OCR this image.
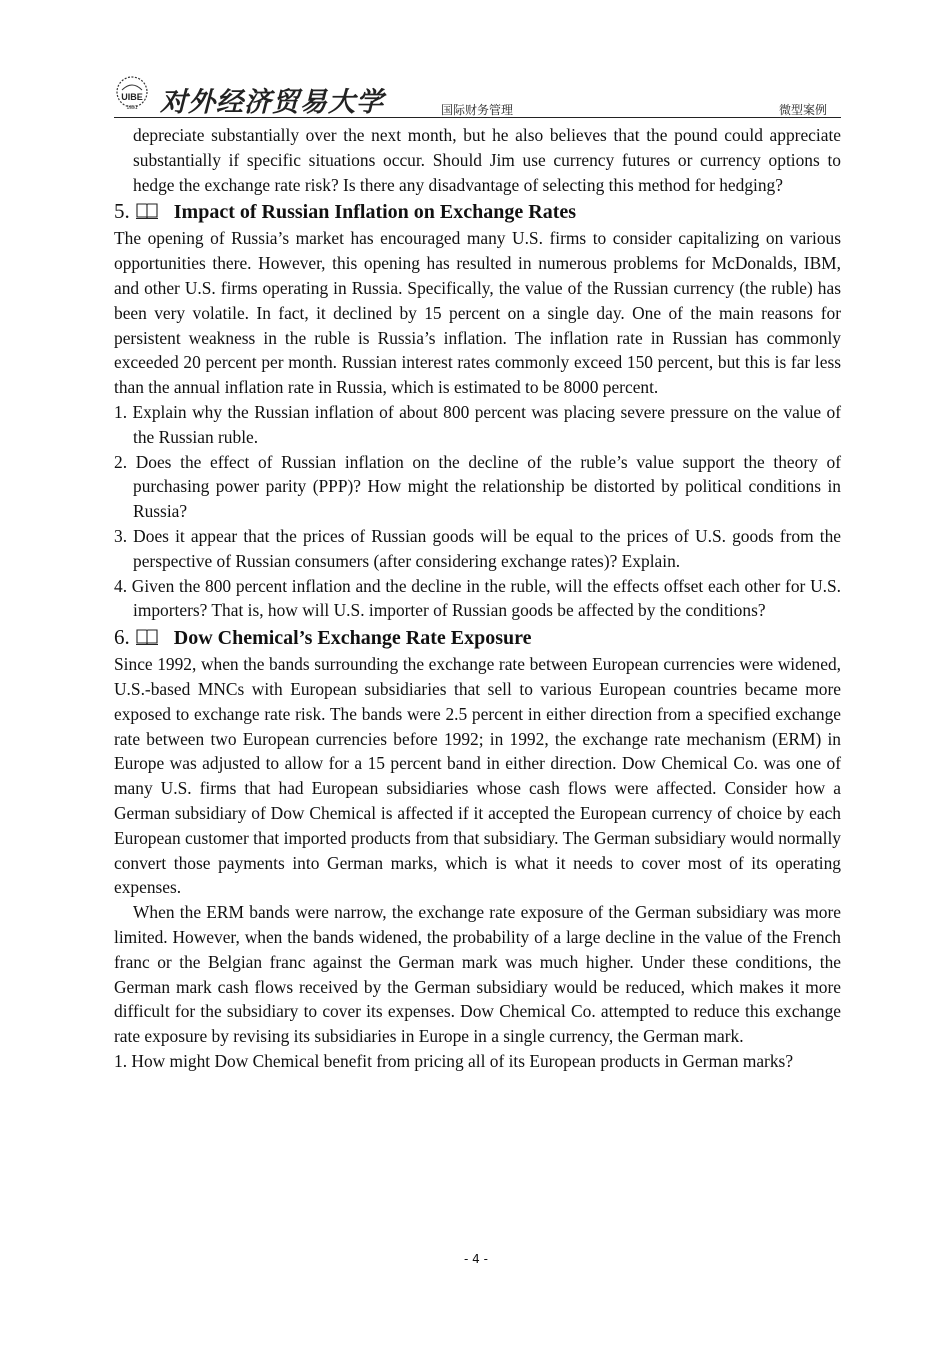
UIBE
1951 对外经济贸易大学	国际财务管理	微型案例

depreciate substantially over the next month, but he also believes that the pound could appreciate substantially if specific situations occur. Should Jim use currency futures or currency options to hedge the exchange rate risk? Is there any disadvantage of selecting this method for hedging?

5. Impact of Russian Inflation on Exchange Rates

The opening of Russia’s market has encouraged many U.S. firms to consider capitalizing on various opportunities there. However, this opening has resulted in numerous problems for McDonalds, IBM, and other U.S. firms operating in Russia. Specifically, the value of the Russian currency (the ruble) has been very volatile. In fact, it declined by 15 percent on a single day. One of the main reasons for persistent weakness in the ruble is Russia’s inflation. The inflation rate in Russian has commonly exceeded 20 percent per month. Russian interest rates commonly exceed 150 percent, but this is far less than the annual inflation rate in Russia, which is estimated to be 8000 percent.

1. Explain why the Russian inflation of about 800 percent was placing severe pressure on the value of the Russian ruble.

2. Does the effect of Russian inflation on the decline of the ruble’s value support the theory of purchasing power parity (PPP)? How might the relationship be distorted by political conditions in Russia?

3. Does it appear that the prices of Russian goods will be equal to the prices of U.S. goods from the perspective of Russian consumers (after considering exchange rates)? Explain.

4. Given the 800 percent inflation and the decline in the ruble, will the effects offset each other for U.S. importers? That is, how will U.S. importer of Russian goods be affected by the conditions?

6. Dow Chemical’s Exchange Rate Exposure

Since 1992, when the bands surrounding the exchange rate between European currencies were widened, U.S.-based MNCs with European subsidiaries that sell to various European countries became more exposed to exchange rate risk. The bands were 2.5 percent in either direction from a specified exchange rate between two European currencies before 1992; in 1992, the exchange rate mechanism (ERM) in Europe was adjusted to allow for a 15 percent band in either direction. Dow Chemical Co. was one of many U.S. firms that had European subsidiaries whose cash flows were affected. Consider how a German subsidiary of Dow Chemical is affected if it accepted the European currency of choice by each European customer that imported products from that subsidiary. The German subsidiary would normally convert those payments into German marks, which is what it needs to cover most of its operating expenses.

When the ERM bands were narrow, the exchange rate exposure of the German subsidiary was more limited. However, when the bands widened, the probability of a large decline in the value of the French franc or the Belgian franc against the German mark was much higher. Under these conditions, the German mark cash flows received by the German subsidiary would be reduced, which makes it more difficult for the subsidiary to cover its expenses. Dow Chemical Co. attempted to reduce this exchange rate exposure by revising its subsidiaries in Europe in a single currency, the German mark.

1. How might Dow Chemical benefit from pricing all of its European products in German marks?

- 4 -
